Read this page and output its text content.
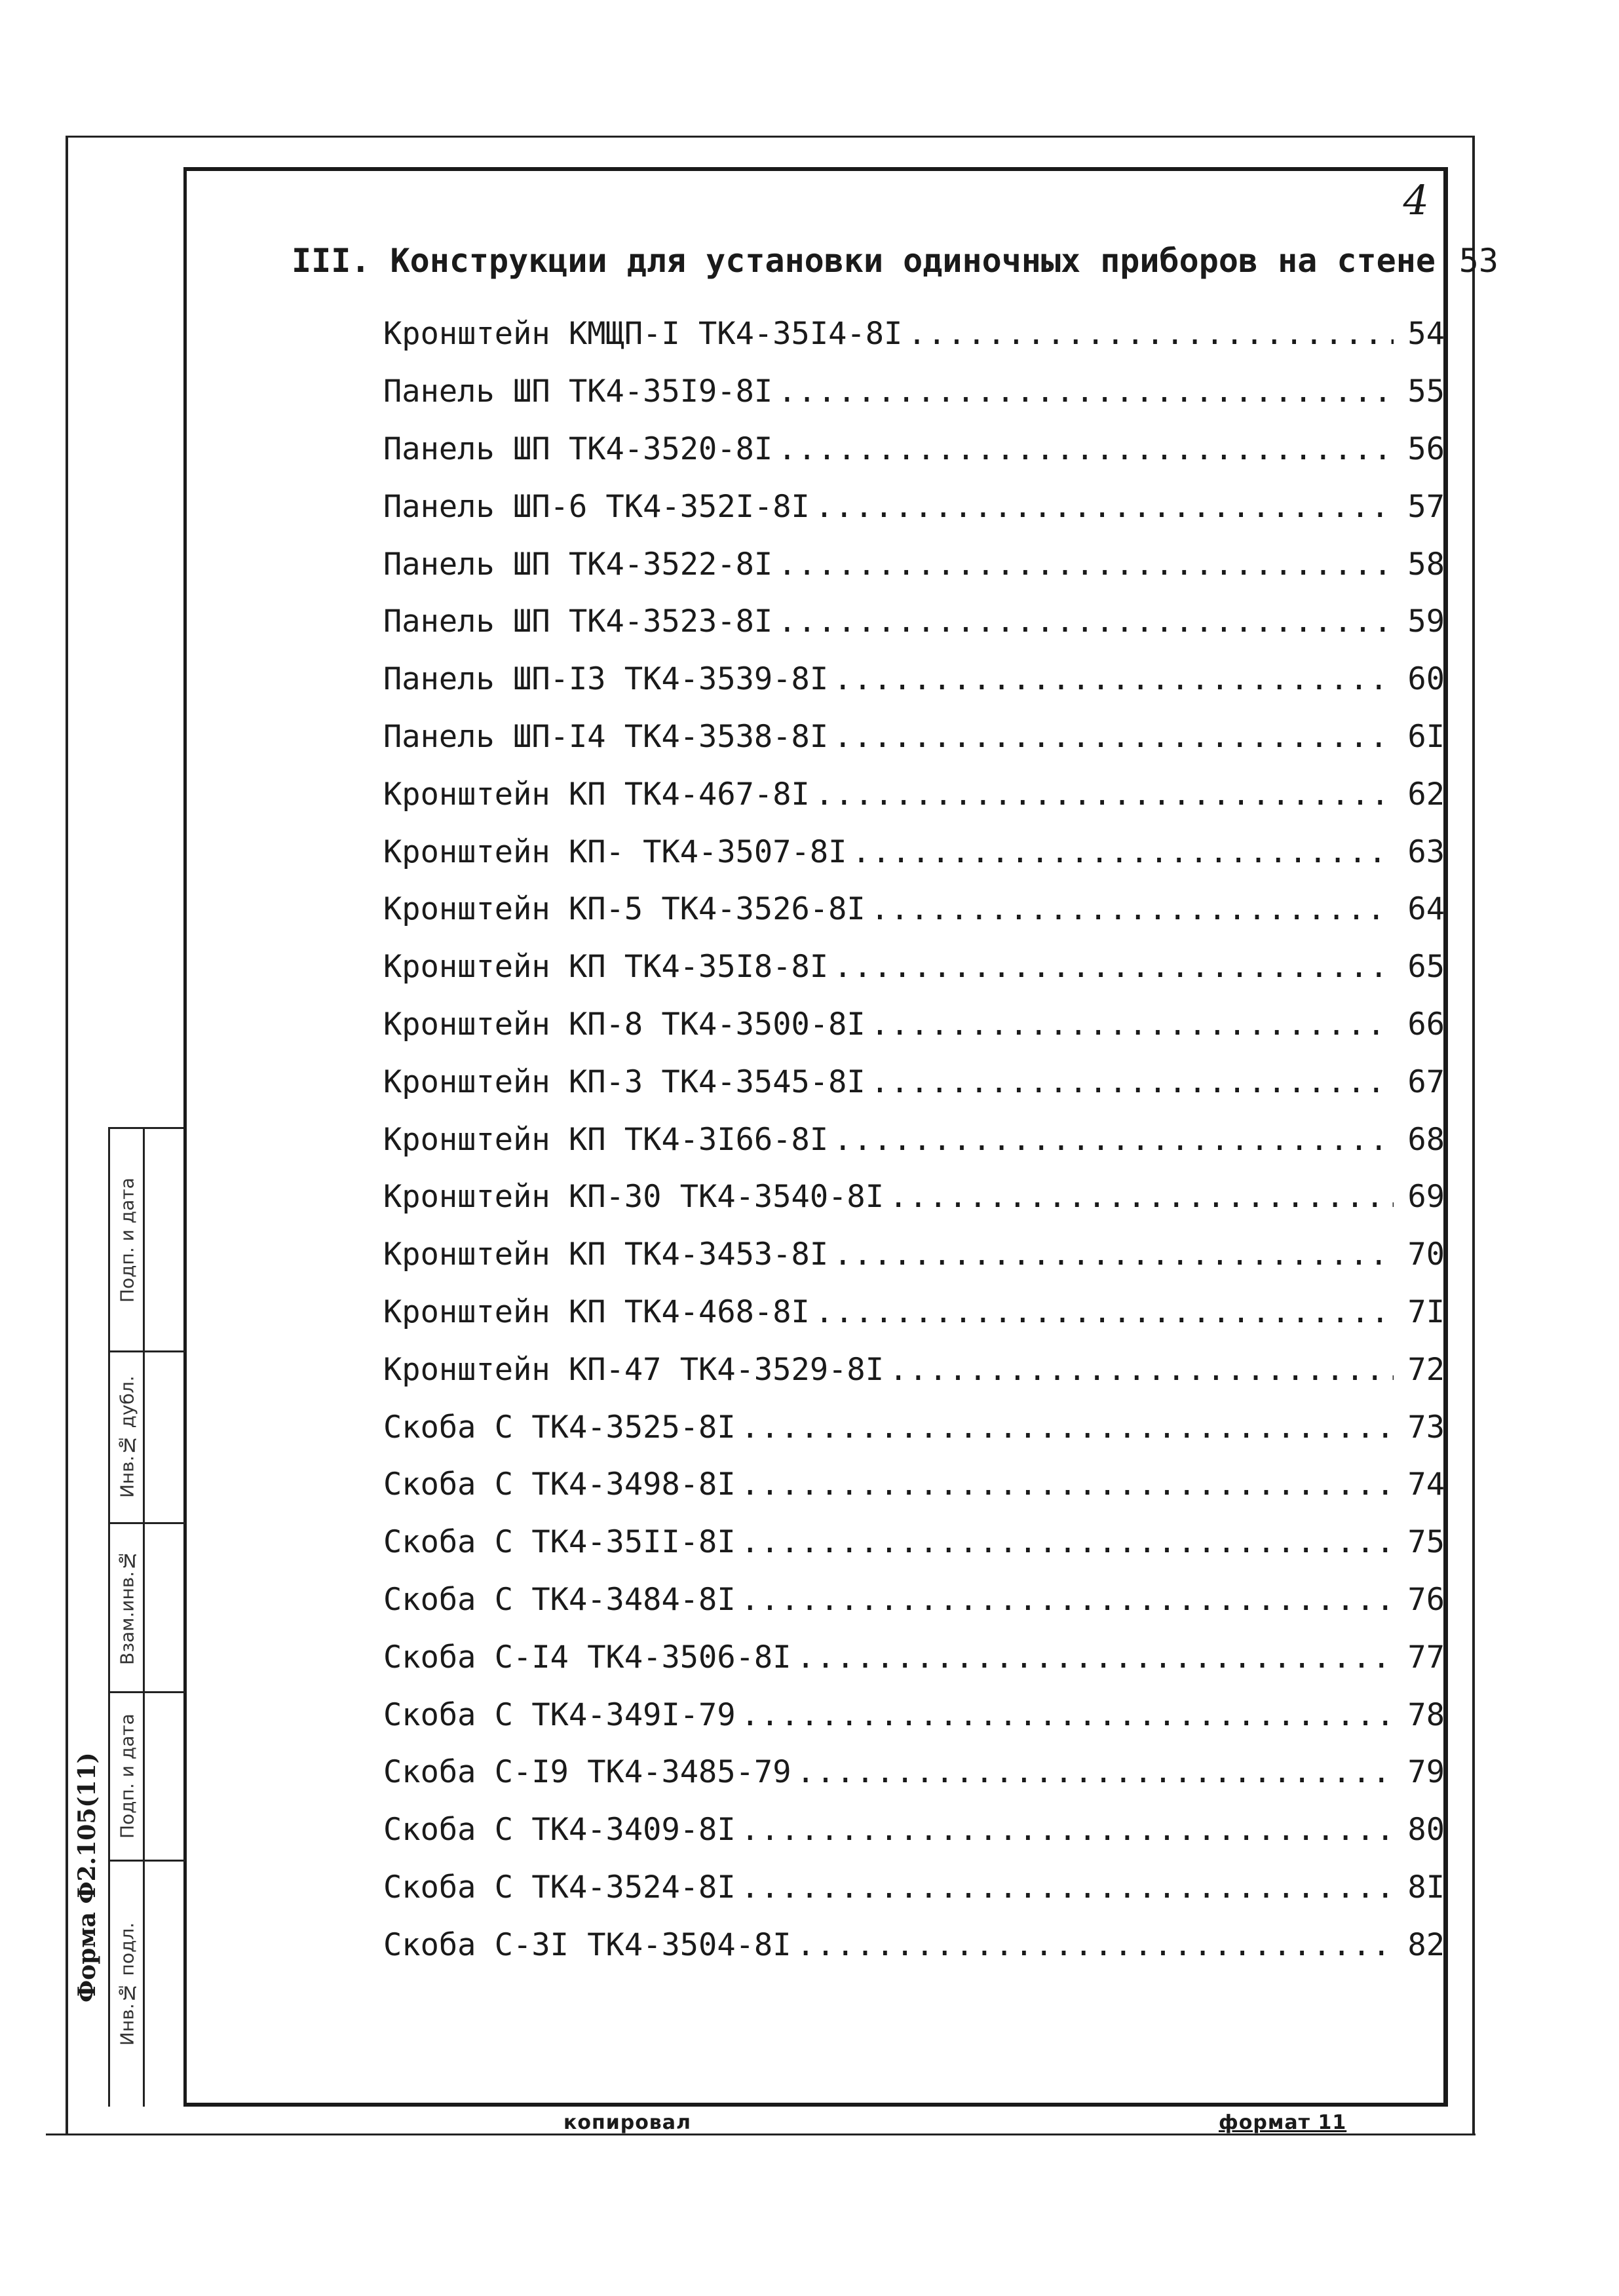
4
III. Конструкции для установки одиночных приборов на стене 53
Кронштейн КМЩП-I ТК4-35I4-8I .....	54
Панель ШП ТК4-35I9-8I .....	55
Панель ШП ТК4-3520-8I .....	56
Панель ШП-6 ТК4-352I-8I .....	57
Панель ШП ТК4-3522-8I .....	58
Панель ШП ТК4-3523-8I .....	59
Панель ШП-I3 ТК4-3539-8I .....	60
Панель ШП-I4 ТК4-3538-8I .....	6I
Кронштейн КП ТК4-467-8I .....	62
Кронштейн КП- ТК4-3507-8I .....	63
Кронштейн КП-5 ТК4-3526-8I .....	64
Кронштейн КП ТК4-35I8-8I .....	65
Кронштейн КП-8 ТК4-3500-8I .....	66
Кронштейн КП-3 ТК4-3545-8I .....	67
Кронштейн КП ТК4-3I66-8I .....	68
Кронштейн КП-30 ТК4-3540-8I .....	69
Кронштейн КП ТК4-3453-8I .....	70
Кронштейн КП ТК4-468-8I .....	7I
Кронштейн КП-47 ТК4-3529-8I .....	72
Скоба С ТК4-3525-8I .....	73
Скоба С ТК4-3498-8I .....	74
Скоба С ТК4-35II-8I .....	75
Скоба С ТК4-3484-8I .....	76
Скоба С-I4 ТК4-3506-8I .....	77
Скоба С ТК4-349I-79 .....	78
Скоба С-I9 ТК4-3485-79 .....	79
Скоба С ТК4-3409-8I .....	80
Скоба С ТК4-3524-8I .....	8I
Скоба С-3I ТК4-3504-8I .....	82
Подп. и дата
Инв.№ дубл.
Взам.инв.№
Подп. и дата
Инв.№ подл.
Форма Ф2.105(11)
копировал	формат 11
